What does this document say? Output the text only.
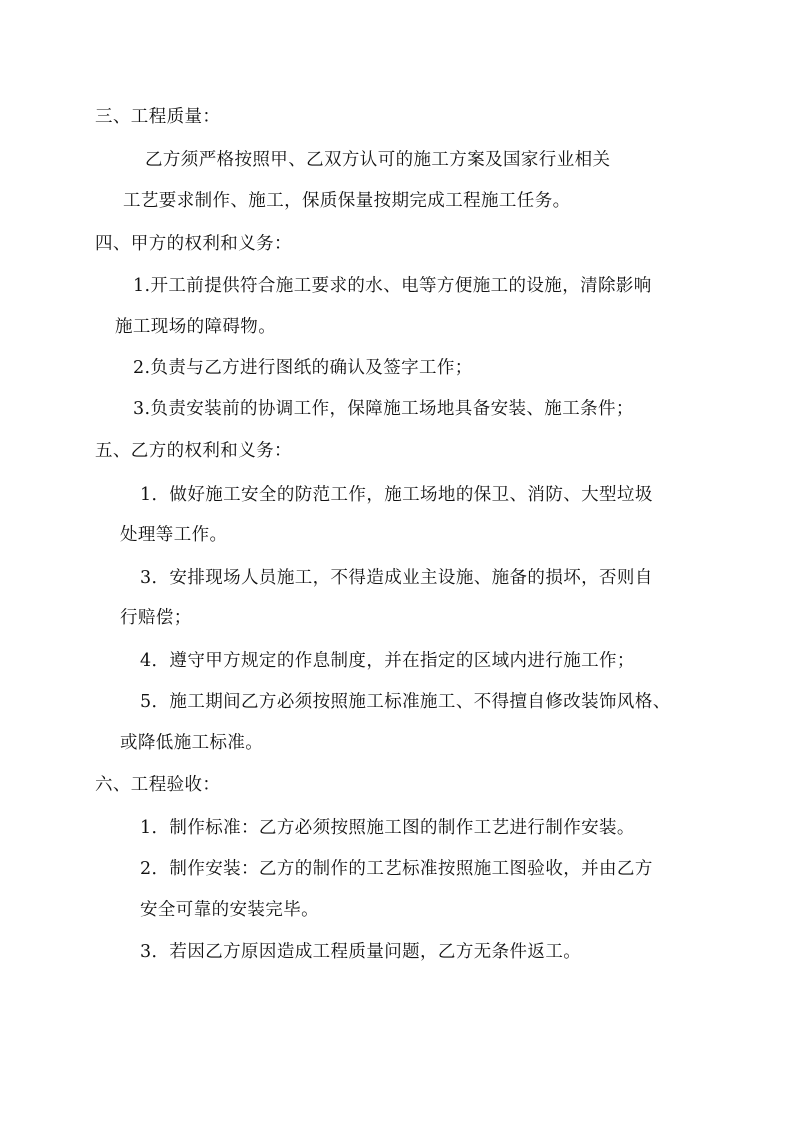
三、工程质量：
乙方须严格按照甲、乙双方认可的施工方案及国家行业相关
工艺要求制作、施工，保质保量按期完成工程施工任务。
四、甲方的权利和义务：
1.开工前提供符合施工要求的水、电等方便施工的设施，清除影响
施工现场的障碍物。
2.负责与乙方进行图纸的确认及签字工作；
3.负责安装前的协调工作，保障施工场地具备安装、施工条件；
五、乙方的权利和义务：
1．做好施工安全的防范工作，施工场地的保卫、消防、大型垃圾
处理等工作。
3．安排现场人员施工，不得造成业主设施、施备的损坏，否则自
行赔偿；
4．遵守甲方规定的作息制度，并在指定的区域内进行施工作；
5．施工期间乙方必须按照施工标准施工、不得擅自修改装饰风格、
或降低施工标准。
六、工程验收：
1．制作标准：乙方必须按照施工图的制作工艺进行制作安装。
2．制作安装：乙方的制作的工艺标准按照施工图验收，并由乙方
安全可靠的安装完毕。
3．若因乙方原因造成工程质量问题，乙方无条件返工。
